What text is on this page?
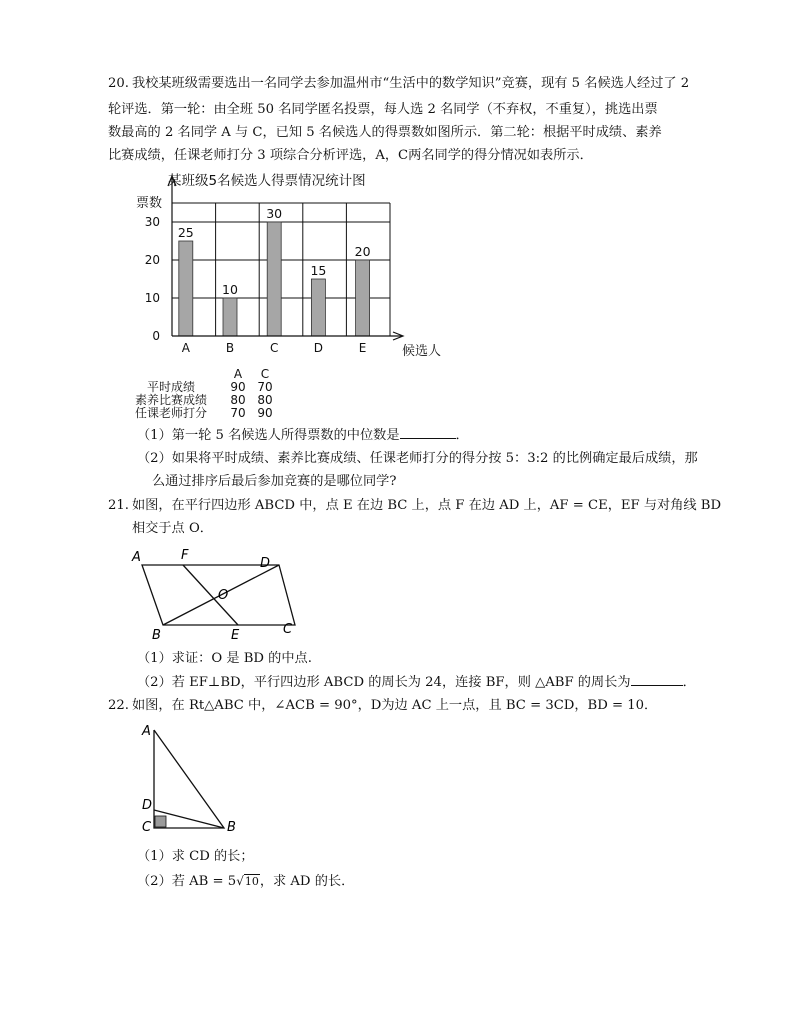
20. 我校某班级需要选出一名同学去参加温州市“生活中的数学知识”竞赛，现有 5 名候选人经过了 2
轮评选．第一轮：由全班 50 名同学匿名投票，每人选 2 名同学（不弃权，不重复），挑选出票
数最高的 2 名同学 A 与 C，已知 5 名候选人的得票数如图所示．第二轮：根据平时成绩、素养
比赛成绩，任课老师打分 3 项综合分析评选，A，C两名同学的得分情况如表所示．
某班级5名候选人得票情况统计图
票数
候选人
0
10
20
30
25
A
10
B
30
C
15
D
20
E
A	C
平时成绩	90 70
素养比赛成绩	80 80
任课老师打分	70 90
（1）第一轮 5 名候选人所得票数的中位数是	．
（2）如果将平时成绩、素养比赛成绩、任课老师打分的得分按 5：3:2 的比例确定最后成绩，那
么通过排序后最后参加竞赛的是哪位同学?
21. 如图，在平行四边形 ABCD 中，点 E 在边 BC 上，点 F 在边 AD 上，AF = CE，EF 与对角线 BD
相交于点 O．
A	F
D
O
B	E	C
（1）求证：O 是 BD 的中点.
（2）若 EF⊥BD，平行四边形 ABCD 的周长为 24，连接 BF，则 △ABF 的周长为	．
22. 如图，在 Rt△ABC 中，∠ACB = 90°，D为边 AC 上一点，且 BC = 3CD，BD = 10．
A
D
C	B
（1）求 CD 的长；
（2）若 AB = 5√10，求 AD 的长．
